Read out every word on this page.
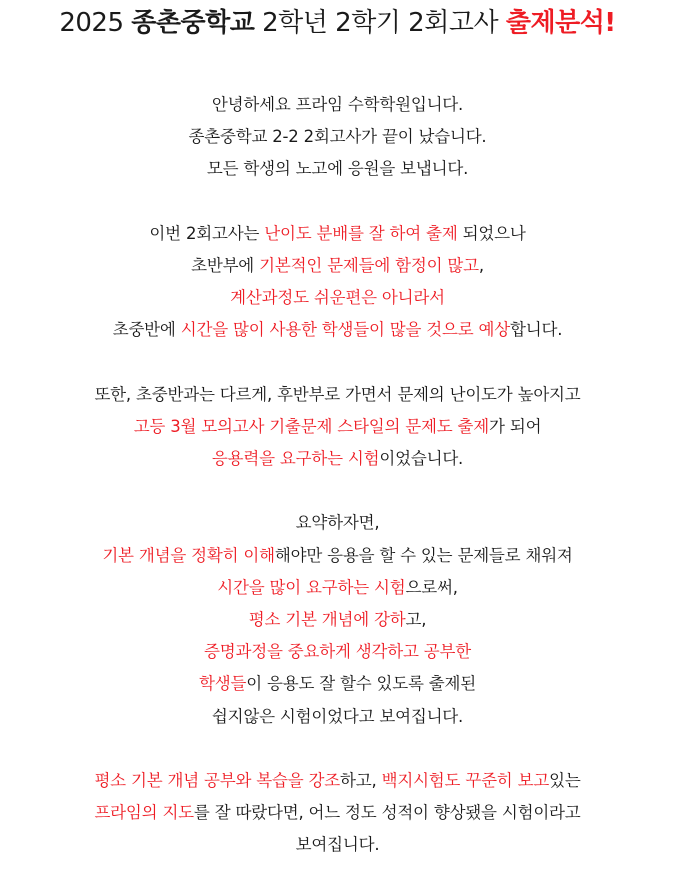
2025 종촌중학교 2학년 2학기 2회고사 출제분석!
안녕하세요 프라임 수학학원입니다.
종촌중학교 2-2 2회고사가 끝이 났습니다.
모든 학생의 노고에 응원을 보냅니다.
이번 2회고사는 난이도 분배를 잘 하여 출제 되었으나
초반부에 기본적인 문제들에 함정이 많고,
계산과정도 쉬운편은 아니라서
초중반에 시간을 많이 사용한 학생들이 많을 것으로 예상합니다.
또한, 초중반과는 다르게, 후반부로 가면서 문제의 난이도가 높아지고
고등 3월 모의고사 기출문제 스타일의 문제도 출제가 되어
응용력을 요구하는 시험이었습니다.
요약하자면,
기본 개념을 정확히 이해해야만 응용을 할 수 있는 문제들로 채워져
시간을 많이 요구하는 시험으로써,
평소 기본 개념에 강하고,
증명과정을 중요하게 생각하고 공부한
학생들이 응용도 잘 할수 있도록 출제된
쉽지않은 시험이었다고 보여집니다.
평소 기본 개념 공부와 복습을 강조하고, 백지시험도 꾸준히 보고있는
프라임의 지도를 잘 따랐다면, 어느 정도 성적이 향상됐을 시험이라고
보여집니다.
